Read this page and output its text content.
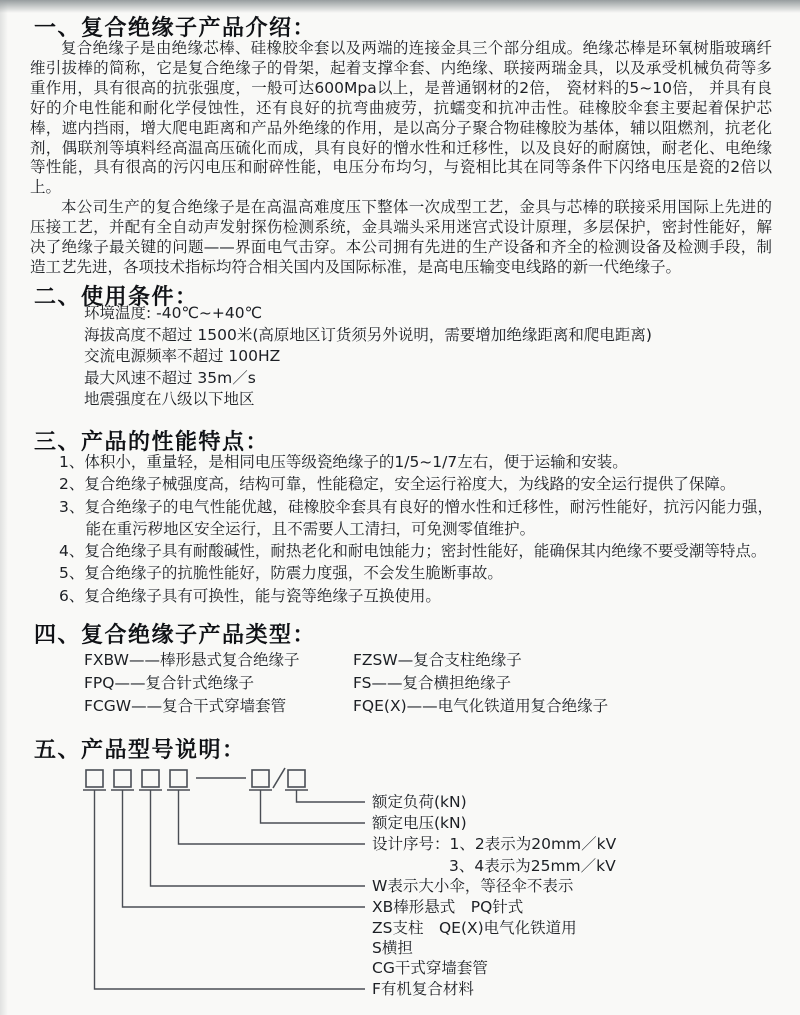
一、复合绝缘子产品介绍：

复合绝缘子是由绝缘芯棒、硅橡胶伞套以及两端的连接金具三个部分组成。绝缘芯棒是环氧树脂玻璃纤维引拔棒的简称，它是复合绝缘子的骨架，起着支撑伞套、内绝缘、联接两瑞金具，以及承受机械负荷等多重作用，具有很高的抗张强度，一般可达600Mpa以上，是普通钢材的2倍， 瓷材料的5~10倍， 并具有良好的介电性能和耐化学侵蚀性，还有良好的抗弯曲疲劳，抗蠕变和抗冲击性。硅橡胶伞套主要起着保护芯棒，遮内挡雨，增大爬电距离和产品外绝缘的作用，是以高分子聚合物硅橡胶为基体，辅以阻燃剂，抗老化剂，偶联剂等填料经高温高压硫化而成，具有良好的憎水性和迁移性，以及良好的耐腐蚀，耐老化、电绝缘等性能，具有很高的污闪电压和耐碎性能，电压分布均匀，与瓷相比其在同等条件下闪络电压是瓷的2倍以上。

本公司生产的复合绝缘子是在高温高难度压下整体一次成型工艺，金具与芯棒的联接采用国际上先进的压接工艺，并配有全自动声发射探伤检测系统，金具端头采用迷宫式设计原理，多层保护，密封性能好，解决了绝缘子最关键的问题——界面电气击穿。本公司拥有先进的生产设备和齐全的检测设备及检测手段，制造工艺先进，各项技术指标均符合相关国内及国际标准，是高电压输变电线路的新一代绝缘子。

二、使用条件：
环境温度: -40℃~+40℃
海拔高度不超过 1500米(高原地区订货须另外说明，需要增加绝缘距离和爬电距离)
交流电源频率不超过 100HZ
最大风速不超过 35m／s
地震强度在八级以下地区
三、产品的性能特点：
1、体积小，重量轻，是相同电压等级瓷绝缘子的1/5~1/7左右，便于运输和安装。
2、复合绝缘子械强度高，结构可靠，性能稳定，安全运行裕度大，为线路的安全运行提供了保障。
3、复合绝缘子的电气性能优越，硅橡胶伞套具有良好的憎水性和迁移性，耐污性能好，抗污闪能力强，能在重污秽地区安全运行，且不需要人工清扫，可免测零值维护。
4、复合绝缘子具有耐酸碱性，耐热老化和耐电蚀能力；密封性能好，能确保其内绝缘不要受潮等特点。
5、复合绝缘子的抗脆性能好，防震力度强，不会发生脆断事故。
6、复合绝缘子具有可换性，能与瓷等绝缘子互换使用。
四、复合绝缘子产品类型：
FXBW——棒形悬式复合绝缘子	FZSW—复合支柱绝缘子
FPQ——复合针式绝缘子	FS——复合横担绝缘子
FCGW——复合干式穿墙套管	FQE(X)——电气化铁道用复合绝缘子
五、产品型号说明：
额定负荷(kN)
额定电压(kN)
设计序号：1、2表示为20mm／kV
3、4表示为25mm／kV
W表示大小伞，等径伞不表示
XB棒形悬式　PQ针式
ZS支柱　QE(X)电气化铁道用
S横担
CG干式穿墙套管
F有机复合材料
